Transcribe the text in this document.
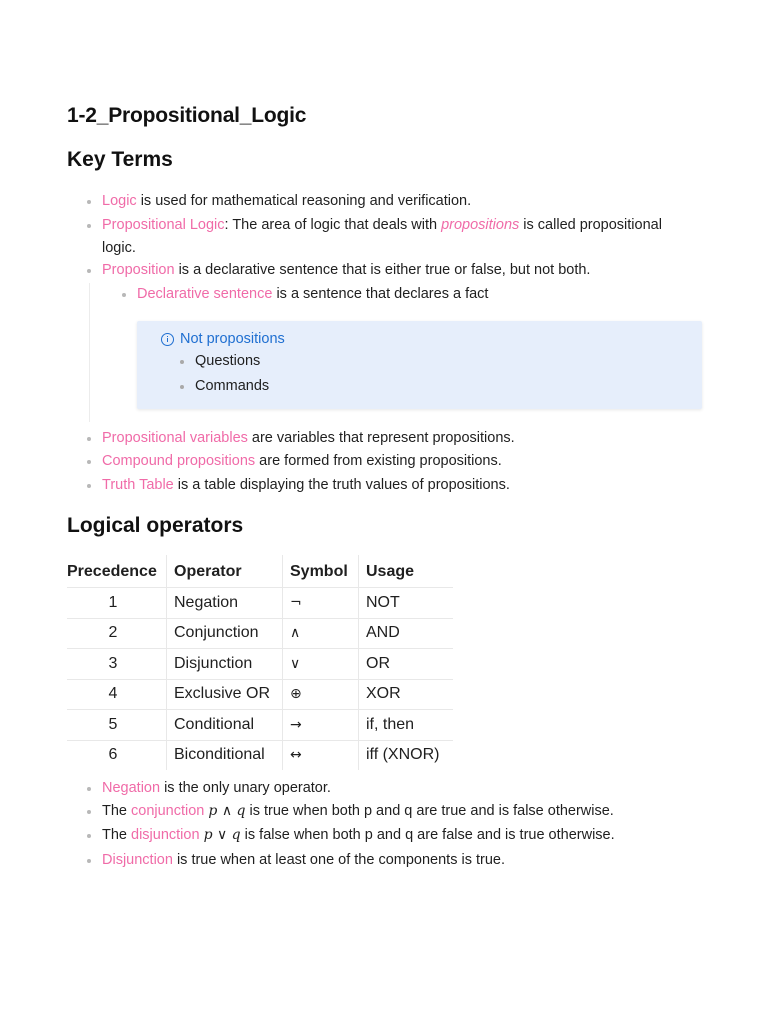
1-2_Propositional_Logic
Key Terms
Logic is used for mathematical reasoning and verification.
Propositional Logic: The area of logic that deals with propositions is called propositional
logic.
Proposition is a declarative sentence that is either true or false, but not both.
Declarative sentence is a sentence that declares a fact
Not propositions
Questions
Commands
Propositional variables are variables that represent propositions.
Compound propositions are formed from existing propositions.
Truth Table is a table displaying the truth values of propositions.
Logical operators
Precedence	Operator	Symbol	Usage
1	Negation	¬	NOT
2	Conjunction	∧	AND
3	Disjunction	∨	OR
4	Exclusive OR	⊕	XOR
5	Conditional	→	if, then
6	Biconditional	↔	iff (XNOR)
Negation is the only unary operator.
The conjunction p ∧ q is true when both p and q are true and is false otherwise.
The disjunction p ∨ q is false when both p and q are false and is true otherwise.
Disjunction is true when at least one of the components is true.
